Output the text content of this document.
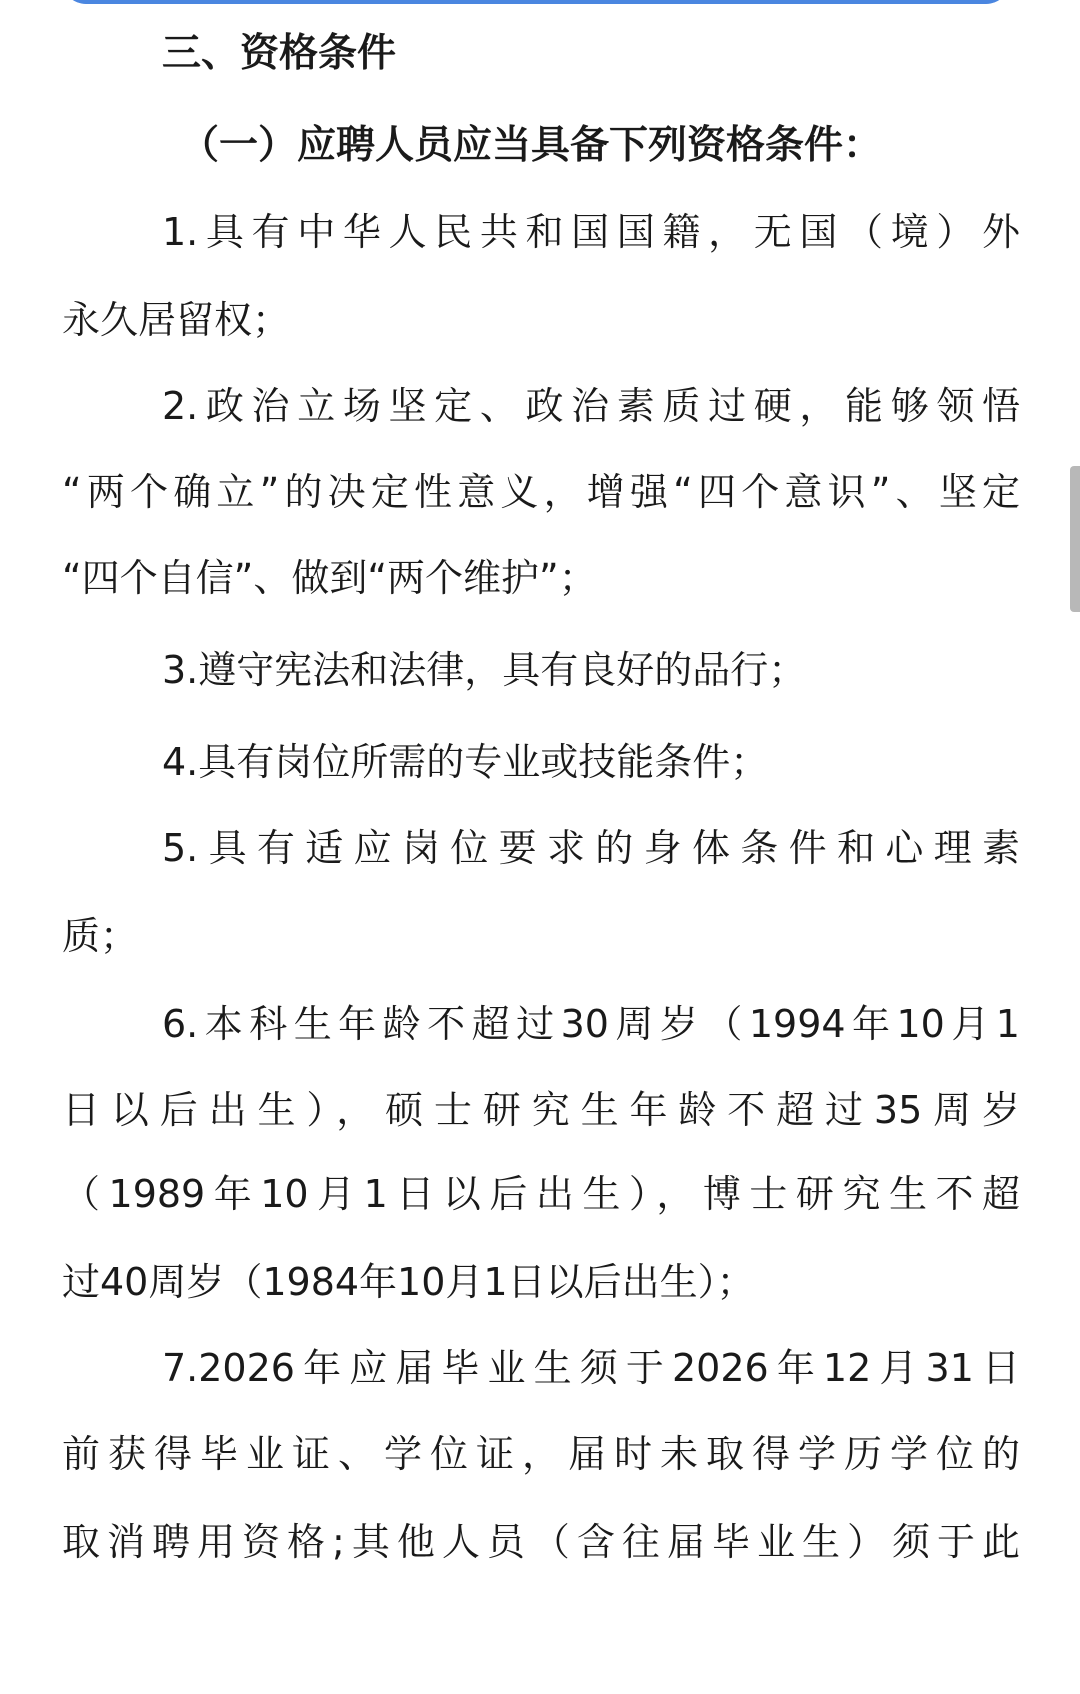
三、资格条件
（一）应聘人员应当具备下列资格条件：
1.具有中华人民共和国国籍，无国（境）外
永久居留权；
2.政治立场坚定、政治素质过硬，能够领悟
“两个确立”的决定性意义，增强“四个意识”、坚定
“四个自信”、做到“两个维护”；
3.遵守宪法和法律，具有良好的品行；
4.具有岗位所需的专业或技能条件；
5.具有适应岗位要求的身体条件和心理素
质；
6.本科生年龄不超过30周岁（1994年10月1
日以后出生），硕士研究生年龄不超过35周岁
（1989年10月1日以后出生），博士研究生不超
过40周岁（1984年10月1日以后出生）；
7.2026年应届毕业生须于2026年12月31日
前获得毕业证、学位证，届时未取得学历学位的
取消聘用资格;其他人员（含往届毕业生）须于此
